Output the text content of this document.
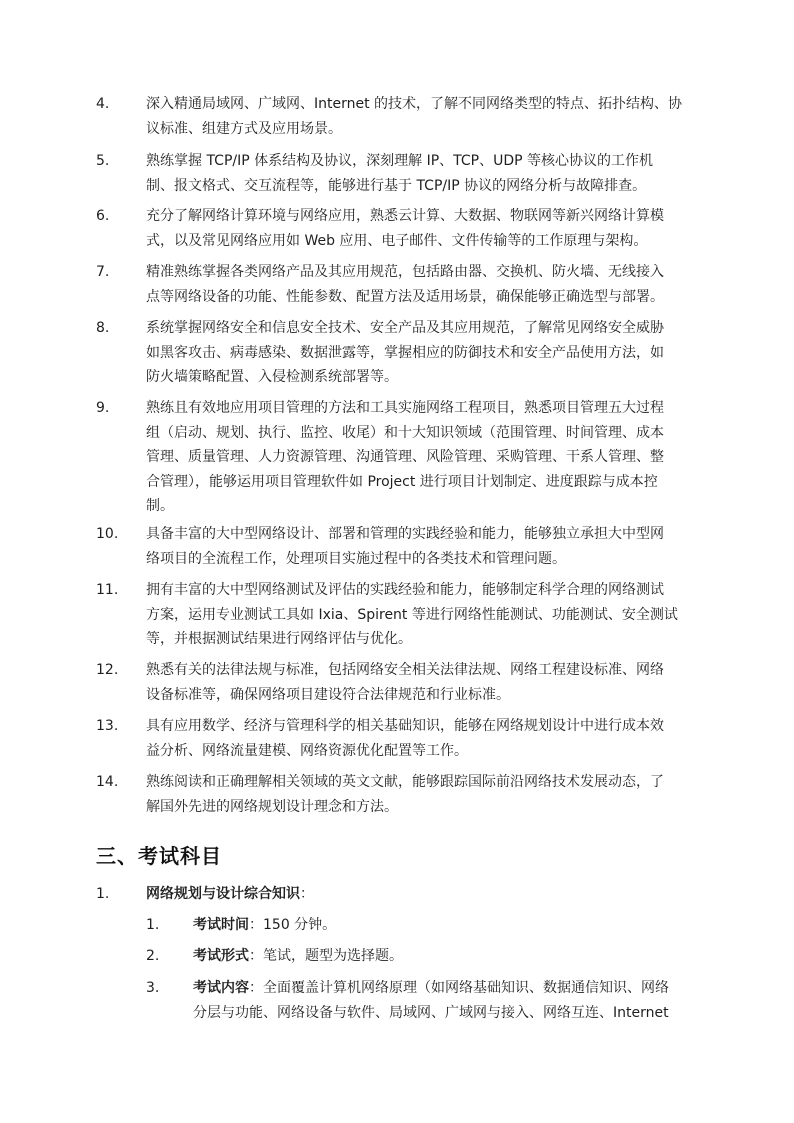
4.	深入精通局域网、广域网、Internet 的技术，了解不同网络类型的特点、拓扑结构、协
议标准、组建方式及应用场景。
5.	熟练掌握 TCP/IP 体系结构及协议，深刻理解 IP、TCP、UDP 等核心协议的工作机
制、报文格式、交互流程等，能够进行基于 TCP/IP 协议的网络分析与故障排查。
6.	充分了解网络计算环境与网络应用，熟悉云计算、大数据、物联网等新兴网络计算模
式，以及常见网络应用如 Web 应用、电子邮件、文件传输等的工作原理与架构。
7.	精准熟练掌握各类网络产品及其应用规范，包括路由器、交换机、防火墙、无线接入
点等网络设备的功能、性能参数、配置方法及适用场景，确保能够正确选型与部署。
8.	系统掌握网络安全和信息安全技术、安全产品及其应用规范，了解常见网络安全威胁
如黑客攻击、病毒感染、数据泄露等，掌握相应的防御技术和安全产品使用方法，如
防火墙策略配置、入侵检测系统部署等。
9.	熟练且有效地应用项目管理的方法和工具实施网络工程项目，熟悉项目管理五大过程
组（启动、规划、执行、监控、收尾）和十大知识领域（范围管理、时间管理、成本
管理、质量管理、人力资源管理、沟通管理、风险管理、采购管理、干系人管理、整
合管理），能够运用项目管理软件如 Project 进行项目计划制定、进度跟踪与成本控
制。
10. 具备丰富的大中型网络设计、部署和管理的实践经验和能力，能够独立承担大中型网
络项目的全流程工作，处理项目实施过程中的各类技术和管理问题。
11. 拥有丰富的大中型网络测试及评估的实践经验和能力，能够制定科学合理的网络测试
方案，运用专业测试工具如 Ixia、Spirent 等进行网络性能测试、功能测试、安全测试
等，并根据测试结果进行网络评估与优化。
12. 熟悉有关的法律法规与标准，包括网络安全相关法律法规、网络工程建设标准、网络
设备标准等，确保网络项目建设符合法律规范和行业标准。
13. 具有应用数学、经济与管理科学的相关基础知识，能够在网络规划设计中进行成本效
益分析、网络流量建模、网络资源优化配置等工作。
14. 熟练阅读和正确理解相关领域的英文文献，能够跟踪国际前沿网络技术发展动态，了
解国外先进的网络规划设计理念和方法。
三、考试科目
1.	网络规划与设计综合知识：
1. 考试时间：150 分钟。
2. 考试形式：笔试，题型为选择题。
3. 考试内容：全面覆盖计算机网络原理（如网络基础知识、数据通信知识、网络
分层与功能、网络设备与软件、局域网、广域网与接入、网络互连、Internet
